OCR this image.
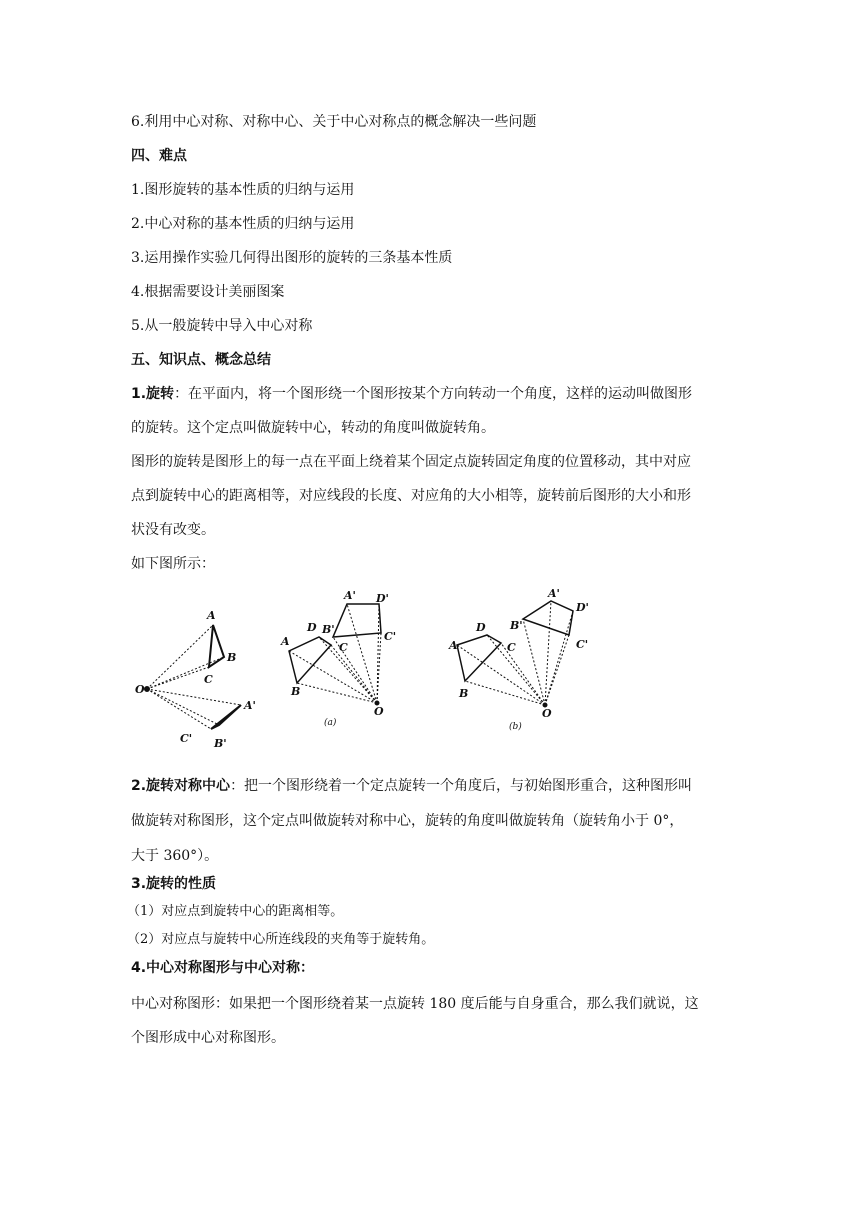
6.利用中心对称、对称中心、关于中心对称点的概念解决一些问题
四、难点
1.图形旋转的基本性质的归纳与运用
2.中心对称的基本性质的归纳与运用
3.运用操作实验几何得出图形的旋转的三条基本性质
4.根据需要设计美丽图案
5.从一般旋转中导入中心对称
五、知识点、概念总结
1.旋转：在平面内，将一个图形绕一个图形按某个方向转动一个角度，这样的运动叫做图形
的旋转。这个定点叫做旋转中心，转动的角度叫做旋转角。
图形的旋转是图形上的每一点在平面上绕着某个固定点旋转固定角度的位置移动，其中对应
点到旋转中心的距离相等，对应线段的长度、对应角的大小相等，旋转前后图形的大小和形
状没有改变。
如下图所示：
A
B
C
O
A'
B'
C'
A
B
C
D
O
A'
B'
C'
D'
(a)
A
B
C
D
O
A'
B'
C'
D'
(b)
2.旋转对称中心：把一个图形绕着一个定点旋转一个角度后，与初始图形重合，这种图形叫
做旋转对称图形，这个定点叫做旋转对称中心，旋转的角度叫做旋转角（旋转角小于 0°，
大于 360°）。
3.旋转的性质
（1）对应点到旋转中心的距离相等。
（2）对应点与旋转中心所连线段的夹角等于旋转角。
4.中心对称图形与中心对称：
中心对称图形：如果把一个图形绕着某一点旋转 180 度后能与自身重合，那么我们就说，这
个图形成中心对称图形。
